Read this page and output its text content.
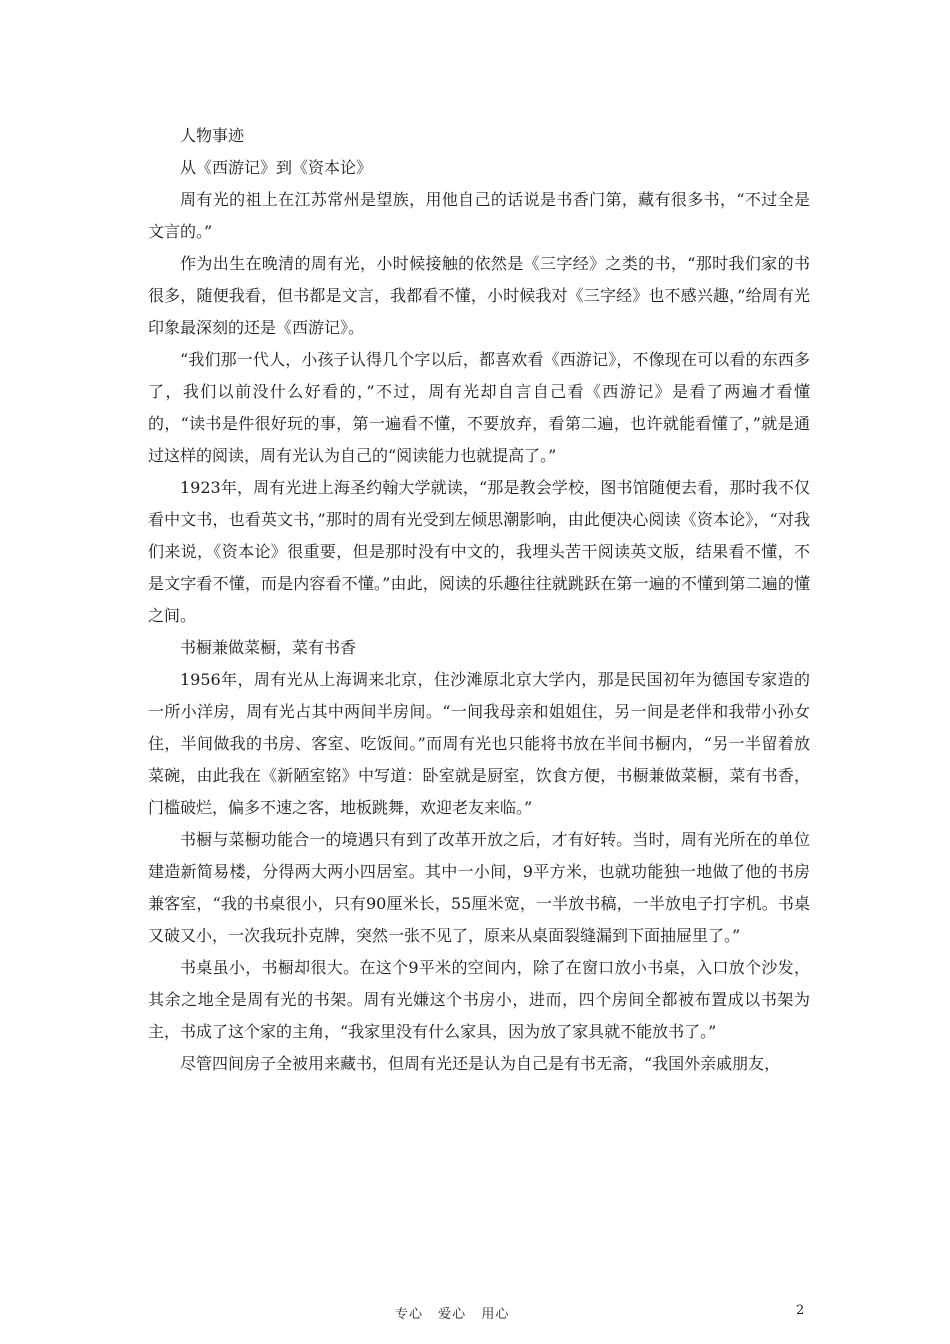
人物事迹

从《西游记》到《资本论》

周有光的祖上在江苏常州是望族，用他自己的话说是书香门第，藏有很多书，“不过全是文言的。”

作为出生在晚清的周有光，小时候接触的依然是《三字经》之类的书，“那时我们家的书很多，随便我看，但书都是文言，我都看不懂，小时候我对《三字经》也不感兴趣，”给周有光印象最深刻的还是《西游记》。

“我们那一代人，小孩子认得几个字以后，都喜欢看《西游记》，不像现在可以看的东西多了，我们以前没什么好看的，”不过，周有光却自言自己看《西游记》是看了两遍才看懂的，“读书是件很好玩的事，第一遍看不懂，不要放弃，看第二遍，也许就能看懂了，”就是通过这样的阅读，周有光认为自己的“阅读能力也就提高了。”

1923年，周有光进上海圣约翰大学就读，“那是教会学校，图书馆随便去看，那时我不仅看中文书，也看英文书，”那时的周有光受到左倾思潮影响，由此便决心阅读《资本论》，“对我们来说，《资本论》很重要，但是那时没有中文的，我埋头苦干阅读英文版，结果看不懂，不是文字看不懂，而是内容看不懂。”由此，阅读的乐趣往往就跳跃在第一遍的不懂到第二遍的懂之间。

书橱兼做菜橱，菜有书香

1956年，周有光从上海调来北京，住沙滩原北京大学内，那是民国初年为德国专家造的一所小洋房，周有光占其中两间半房间。“一间我母亲和姐姐住，另一间是老伴和我带小孙女住，半间做我的书房、客室、吃饭间。”而周有光也只能将书放在半间书橱内，“另一半留着放菜碗，由此我在《新陋室铭》中写道：卧室就是厨室，饮食方便，书橱兼做菜橱，菜有书香，门槛破烂，偏多不速之客，地板跳舞，欢迎老友来临。”

书橱与菜橱功能合一的境遇只有到了改革开放之后，才有好转。当时，周有光所在的单位建造新简易楼，分得两大两小四居室。其中一小间，9平方米，也就功能独一地做了他的书房兼客室，“我的书桌很小，只有90厘米长，55厘米宽，一半放书稿，一半放电子打字机。书桌又破又小，一次我玩扑克牌，突然一张不见了，原来从桌面裂缝漏到下面抽屉里了。”

书桌虽小，书橱却很大。在这个9平米的空间内，除了在窗口放小书桌，入口放个沙发，其余之地全是周有光的书架。周有光嫌这个书房小，进而，四个房间全都被布置成以书架为主，书成了这个家的主角，“我家里没有什么家具，因为放了家具就不能放书了。”

尽管四间房子全被用来藏书，但周有光还是认为自己是有书无斋，“我国外亲戚朋友，

专心 爱心 用心	2
